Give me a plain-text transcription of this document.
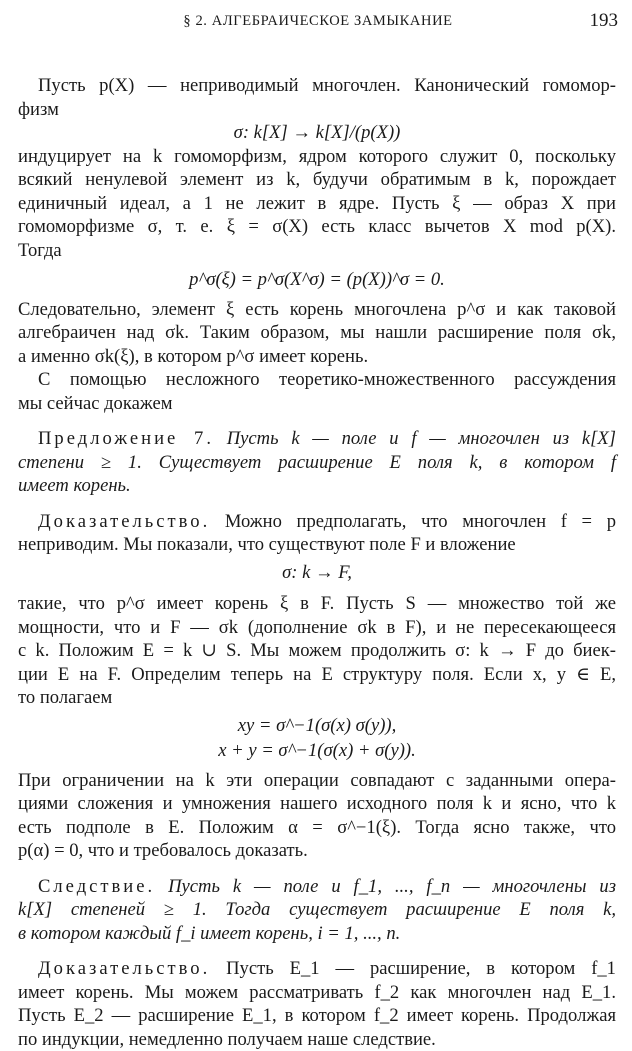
§ 2. АЛГЕБРАИЧЕСКОЕ ЗАМЫКАНИЕ	193

Пусть p(X) — неприводимый многочлен. Канонический гомомор-

физм

σ: k[X] → k[X]/(p(X))

индуцирует на k гомоморфизм, ядром которого служит 0, поскольку

всякий ненулевой элемент из k, будучи обратимым в k, порождает

единичный идеал, а 1 не лежит в ядре. Пусть ξ — образ X при

гомоморфизме σ, т. е. ξ = σ(X) есть класс вычетов X mod p(X).

Тогда

p^σ(ξ) = p^σ(X^σ) = (p(X))^σ = 0.

Следовательно, элемент ξ есть корень многочлена p^σ и как таковой

алгебраичен над σk. Таким образом, мы нашли расширение поля σk,

а именно σk(ξ), в котором p^σ имеет корень.

С помощью несложного теоретико-множественного рассуждения

мы сейчас докажем

Предложение 7. Пусть k — поле и f — многочлен из k[X]

степени ≥ 1. Существует расширение E поля k, в котором f

имеет корень.

Доказательство. Можно предполагать, что многочлен f = p

неприводим. Мы показали, что существуют поле F и вложение

σ: k → F,

такие, что p^σ имеет корень ξ в F. Пусть S — множество той же

мощности, что и F — σk (дополнение σk в F), и не пересекающееся

с k. Положим E = k ∪ S. Мы можем продолжить σ: k → F до биек-

ции E на F. Определим теперь на E структуру поля. Если x, y ∈ E,

то полагаем

xy = σ^−1(σ(x) σ(y)),

x + y = σ^−1(σ(x) + σ(y)).

При ограничении на k эти операции совпадают с заданными опера-

циями сложения и умножения нашего исходного поля k и ясно, что k

есть подполе в E. Положим α = σ^−1(ξ). Тогда ясно также, что

p(α) = 0, что и требовалось доказать.

Следствие. Пусть k — поле и f_1, ..., f_n — многочлены из

k[X] степеней ≥ 1. Тогда существует расширение E поля k,

в котором каждый f_i имеет корень, i = 1, ..., n.

Доказательство. Пусть E_1 — расширение, в котором f_1

имеет корень. Мы можем рассматривать f_2 как многочлен над E_1.

Пусть E_2 — расширение E_1, в котором f_2 имеет корень. Продолжая

по индукции, немедленно получаем наше следствие.
